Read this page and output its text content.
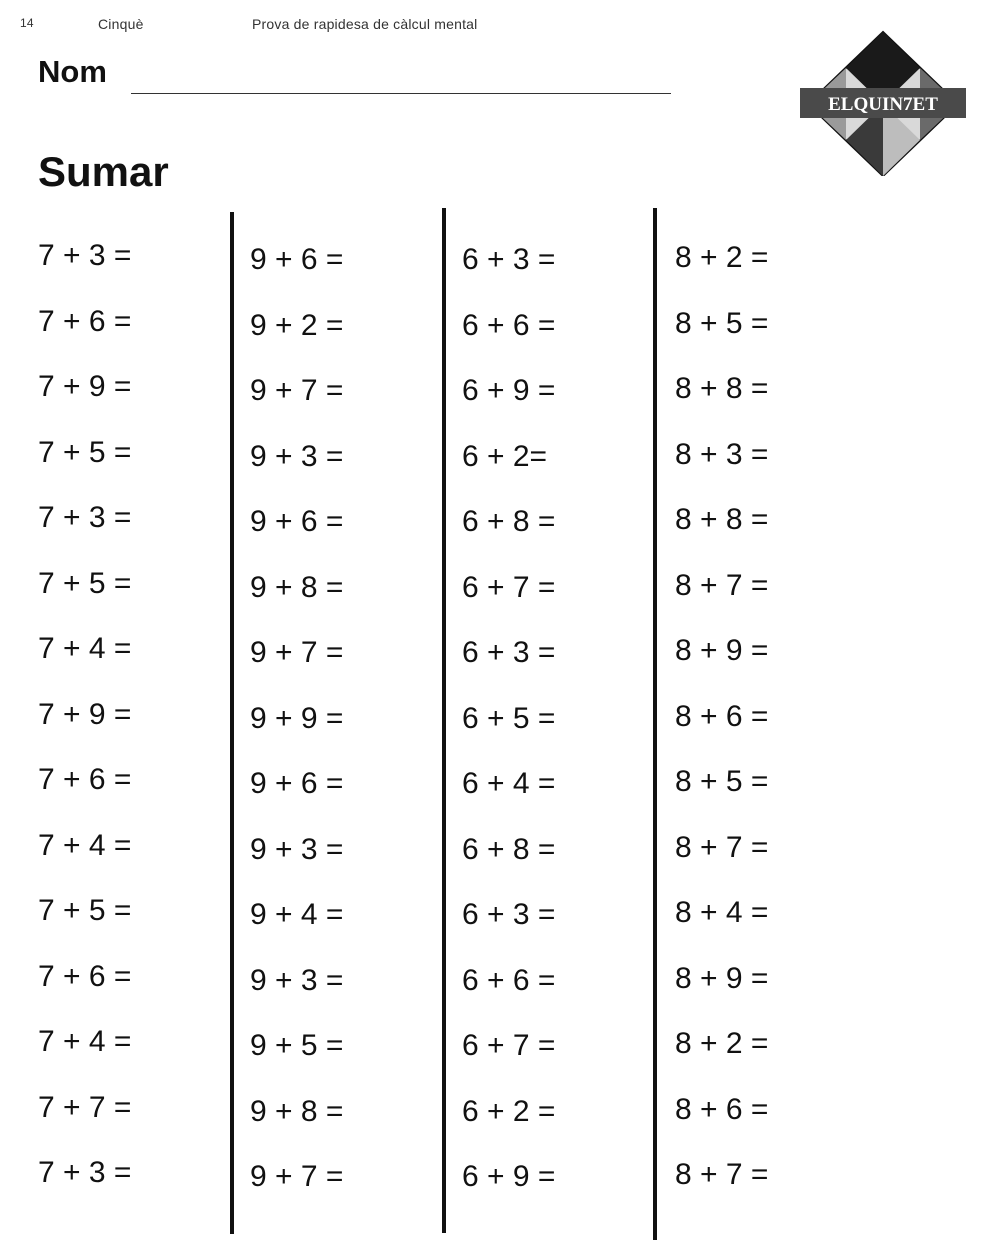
14	Cinquè	Prova de rapidesa de càlcul mental
Nom
Sumar
ELQUIN7ET
7 + 3 =
7 + 6 =
7 + 9 =
7 + 5 =
7 + 3 =
7 + 5 =
7 + 4 =
7 + 9 =
7 + 6 =
7 + 4 =
7 + 5 =
7 + 6 =
7 + 4 =
7 + 7 =
7 + 3 =
9 + 6 =
9 + 2 =
9 + 7 =
9 + 3 =
9 + 6 =
9 + 8 =
9 + 7 =
9 + 9 =
9 + 6 =
9 + 3 =
9 + 4 =
9 + 3 =
9 + 5 =
9 + 8 =
9 + 7 =
6 + 3 =
6 + 6 =
6 + 9 =
6 + 2=
6 + 8 =
6 + 7 =
6 + 3 =
6 + 5 =
6 + 4 =
6 + 8 =
6 + 3 =
6 + 6 =
6 + 7 =
6 + 2 =
6 + 9 =
8 + 2 =
8 + 5 =
8 + 8 =
8 + 3 =
8 + 8 =
8 + 7 =
8 + 9 =
8 + 6 =
8 + 5 =
8 + 7 =
8 + 4 =
8 + 9 =
8 + 2 =
8 + 6 =
8 + 7 =
